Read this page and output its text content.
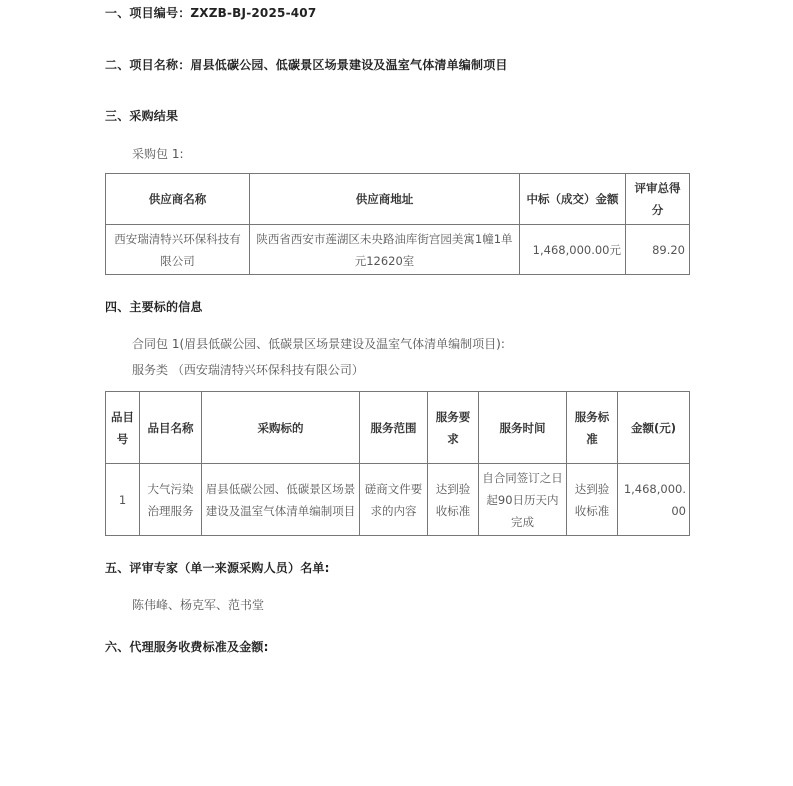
一、项目编号：ZXZB-BJ-2025-407
二、项目名称：眉县低碳公园、低碳景区场景建设及温室气体清单编制项目
三、采购结果
采购包 1:
供应商名称	供应商地址	中标（成交）金额	评审总得分
西安瑞清特兴环保科技有限公司	陕西省西安市莲湖区未央路油库街宫园美寓1幢1单元12620室	1,468,000.00元	89.20
四、主要标的信息
合同包 1(眉县低碳公园、低碳景区场景建设及温室气体清单编制项目):
服务类 （西安瑞清特兴环保科技有限公司）
品目号	品目名称	采购标的	服务范围	服务要求	服务时间	服务标准	金额(元)
1	大气污染治理服务	眉县低碳公园、低碳景区场景建设及温室气体清单编制项目	磋商文件要求的内容	达到验收标准	自合同签订之日起90日历天内完成	达到验收标准	1,468,000.00
五、评审专家（单一来源采购人员）名单:
陈伟峰、杨克军、范书堂
六、代理服务收费标准及金额:
